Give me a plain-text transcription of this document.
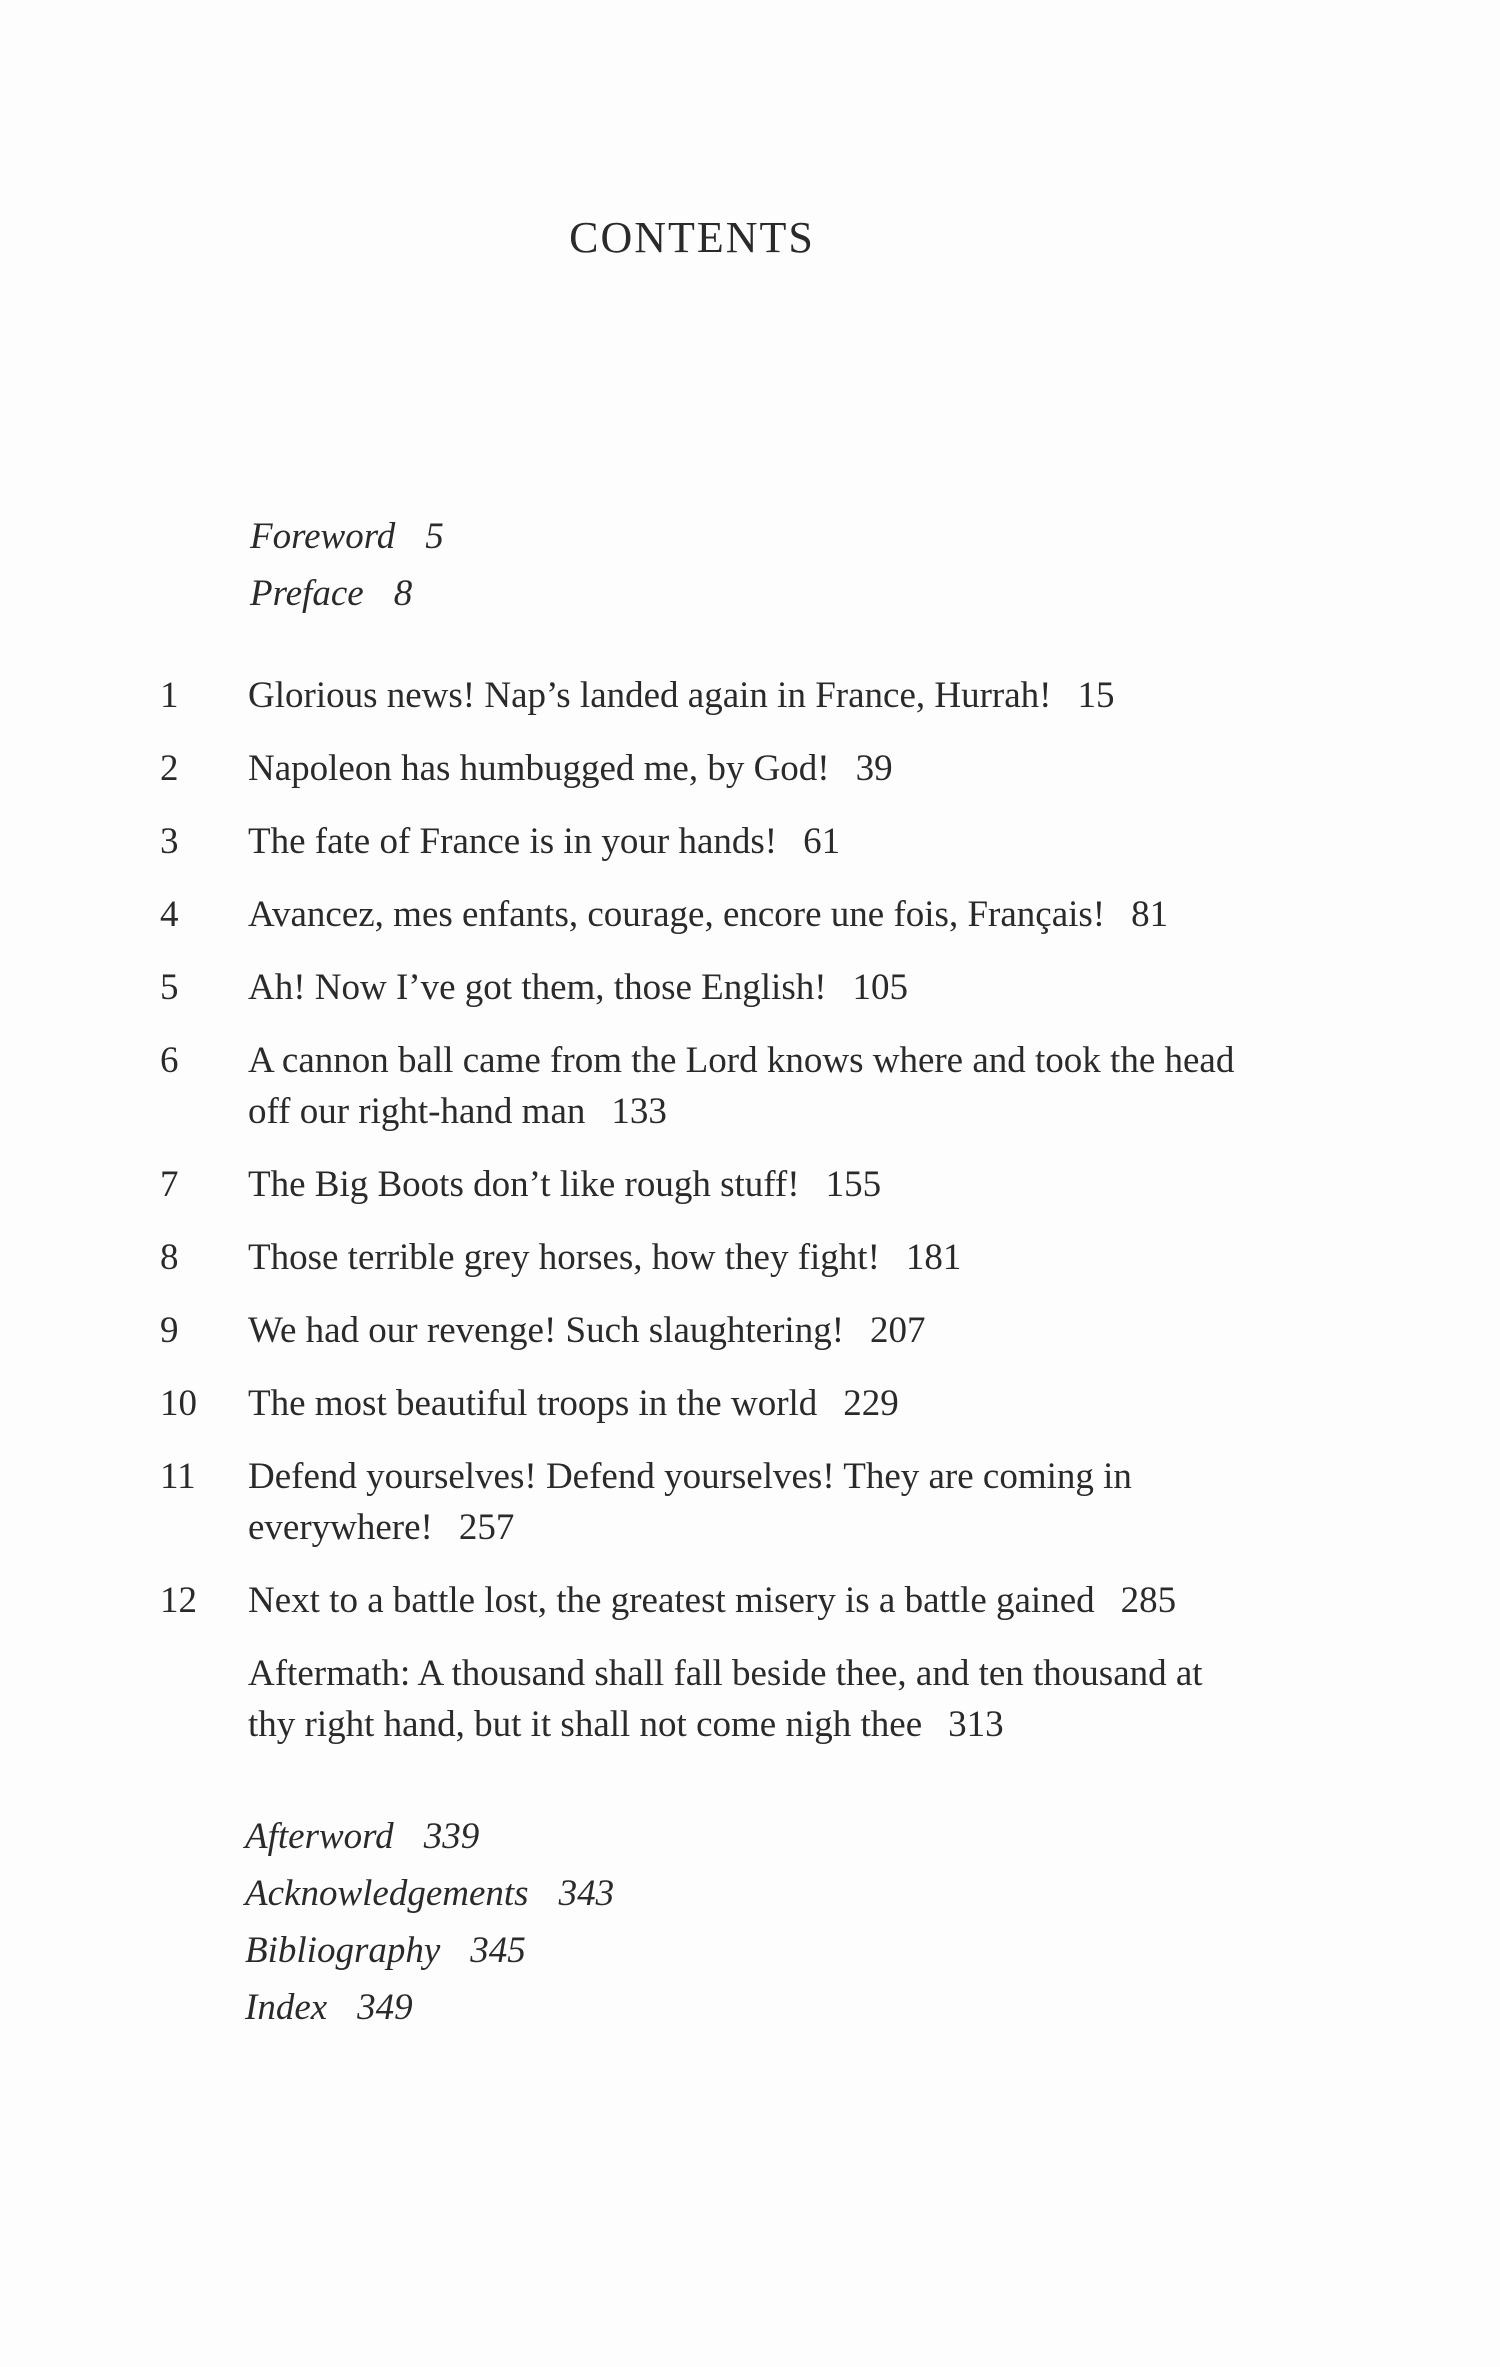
CONTENTS
Foreword 5
Preface 8
1	Glorious news! Nap’s landed again in France, Hurrah! 15
2	Napoleon has humbugged me, by God! 39
3	The fate of France is in your hands! 61
4	Avancez, mes enfants, courage, encore une fois, Français! 81
5	Ah! Now I’ve got them, those English! 105
6	A cannon ball came from the Lord knows where and took the head off our right-hand man 133
7	The Big Boots don’t like rough stuff! 155
8	Those terrible grey horses, how they fight! 181
9	We had our revenge! Such slaughtering! 207
10	The most beautiful troops in the world 229
11	Defend yourselves! Defend yourselves! They are coming in everywhere! 257
12	Next to a battle lost, the greatest misery is a battle gained 285
Aftermath: A thousand shall fall beside thee, and ten thousand at thy right hand, but it shall not come nigh thee 313
Afterword 339
Acknowledgements 343
Bibliography 345
Index 349
